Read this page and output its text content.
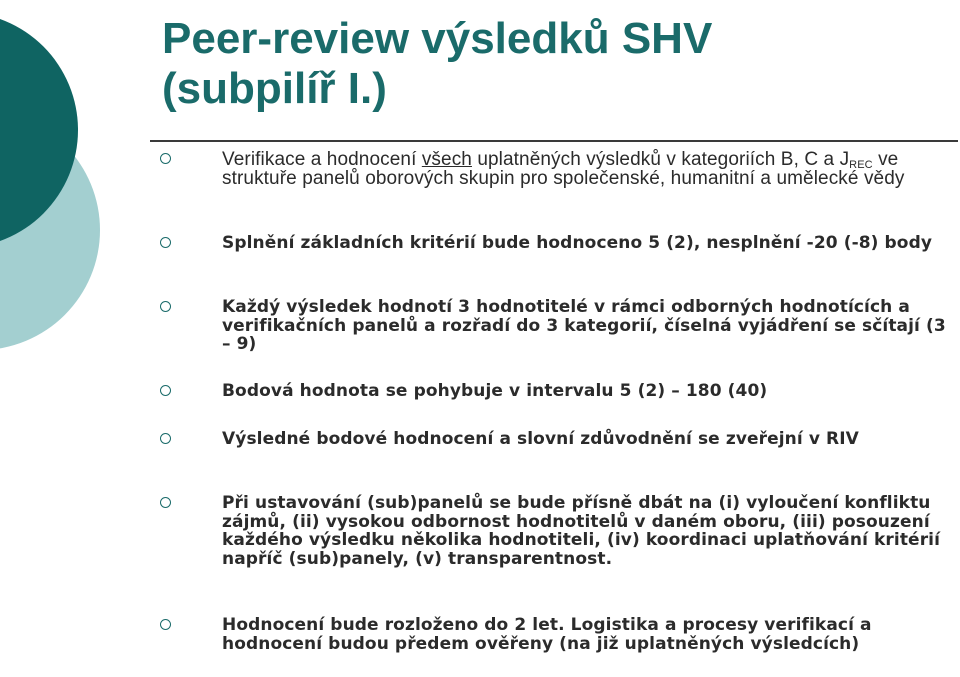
Peer-review výsledků SHV
(subpilíř I.)
Verifikace a hodnocení všech uplatněných výsledků v kategoriích B, C a $J_{REC}$ ve struktuře panelů oborových skupin pro společenské, humanitní a umělecké vědy
Splnění základních kritérií bude hodnoceno 5 (2), nesplnění -20 (-8) body
Každý výsledek hodnotí 3 hodnotitelé v rámci odborných hodnotících a verifikačních panelů a rozřadí do 3 kategorií, číselná vyjádření se sčítají (3 – 9)
Bodová hodnota se pohybuje v intervalu 5 (2) – 180 (40)
Výsledné bodové hodnocení a slovní zdůvodnění se zveřejní v RIV
Při ustavování (sub)panelů se bude přísně dbát na (i) vyloučení konfliktu zájmů, (ii) vysokou odbornost hodnotitelů v daném oboru, (iii) posouzení každého výsledku několika hodnotiteli, (iv) koordinaci uplatňování kritérií napříč (sub)panely, (v) transparentnost.
Hodnocení bude rozloženo do 2 let. Logistika a procesy verifikací a hodnocení budou předem ověřeny (na již uplatněných výsledcích)
